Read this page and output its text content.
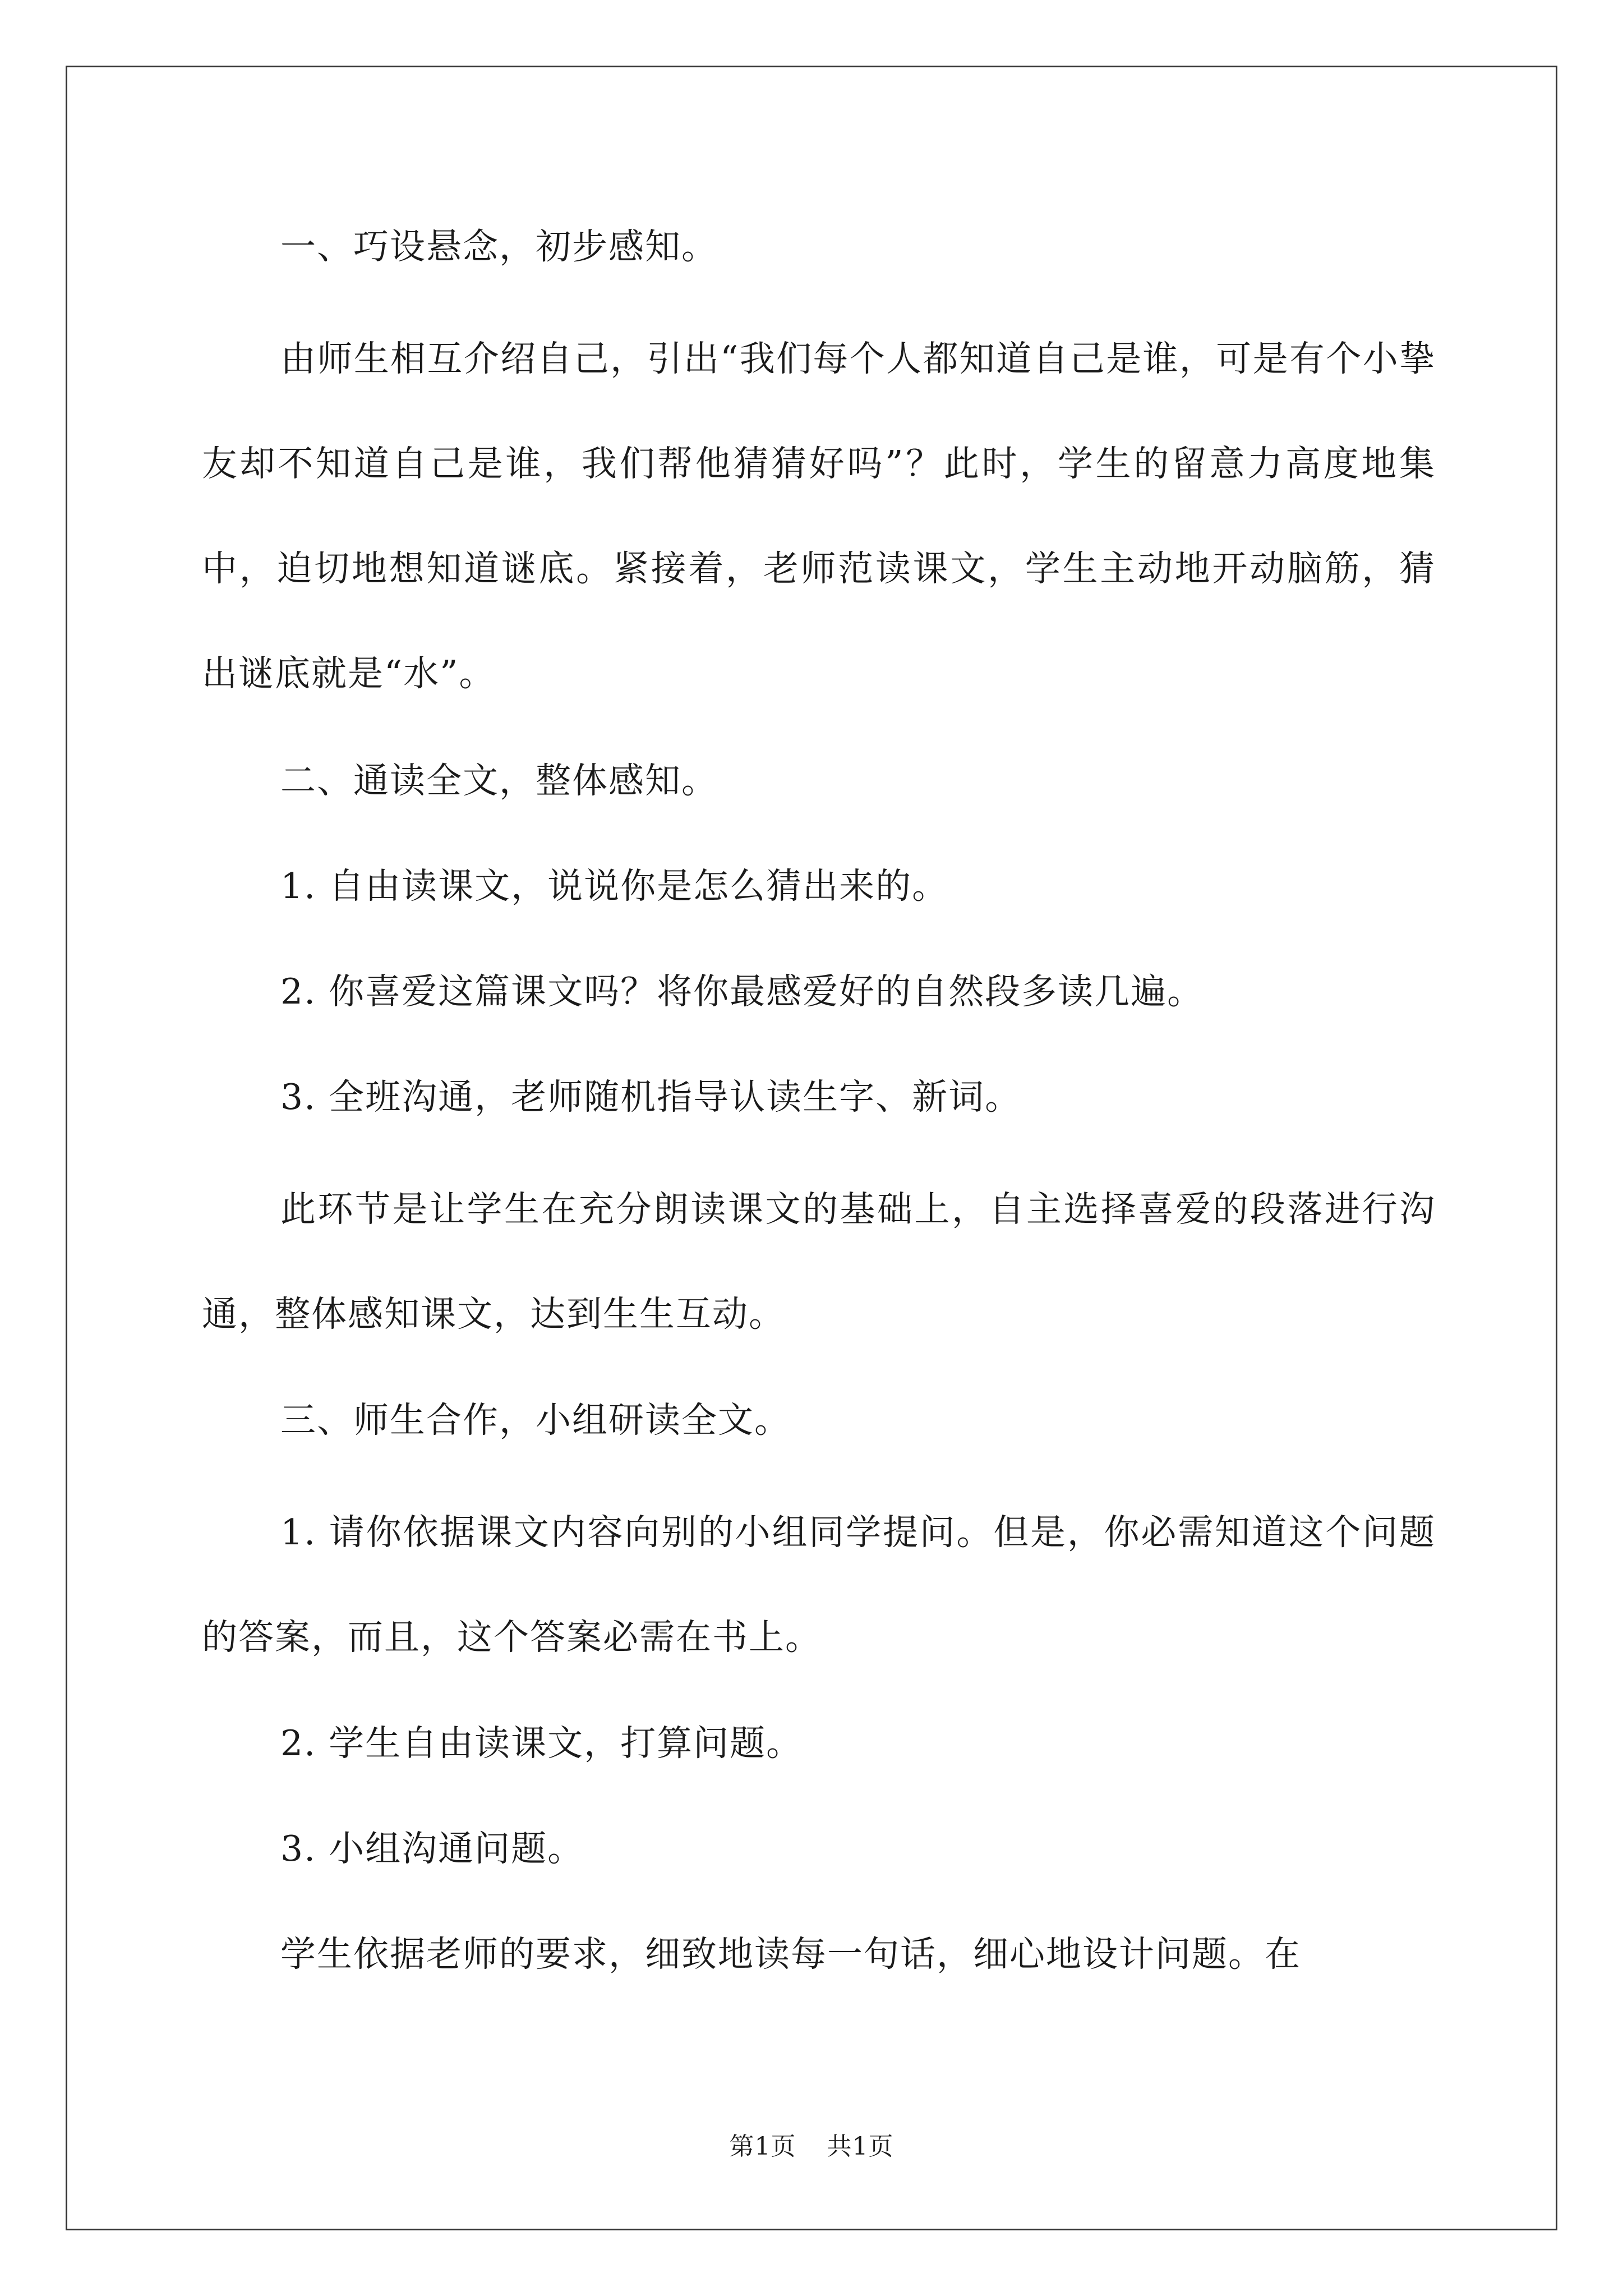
一、巧设悬念，初步感知。

由师生相互介绍自己，引出“我们每个人都知道自己是谁，可是有个小挚友却不知道自己是谁，我们帮他猜猜好吗”？此时，学生的留意力高度地集中，迫切地想知道谜底。紧接着，老师范读课文，学生主动地开动脑筋，猜出谜底就是“水”。

二、通读全文，整体感知。

1. 自由读课文，说说你是怎么猜出来的。

2. 你喜爱这篇课文吗？将你最感爱好的自然段多读几遍。

3. 全班沟通，老师随机指导认读生字、新词。

此环节是让学生在充分朗读课文的基础上，自主选择喜爱的段落进行沟通，整体感知课文，达到生生互动。

三、师生合作，小组研读全文。

1. 请你依据课文内容向别的小组同学提问。但是，你必需知道这个问题的答案，而且，这个答案必需在书上。

2. 学生自由读课文，打算问题。

3. 小组沟通问题。

学生依据老师的要求，细致地读每一句话，细心地设计问题。在

第1页 共1页
